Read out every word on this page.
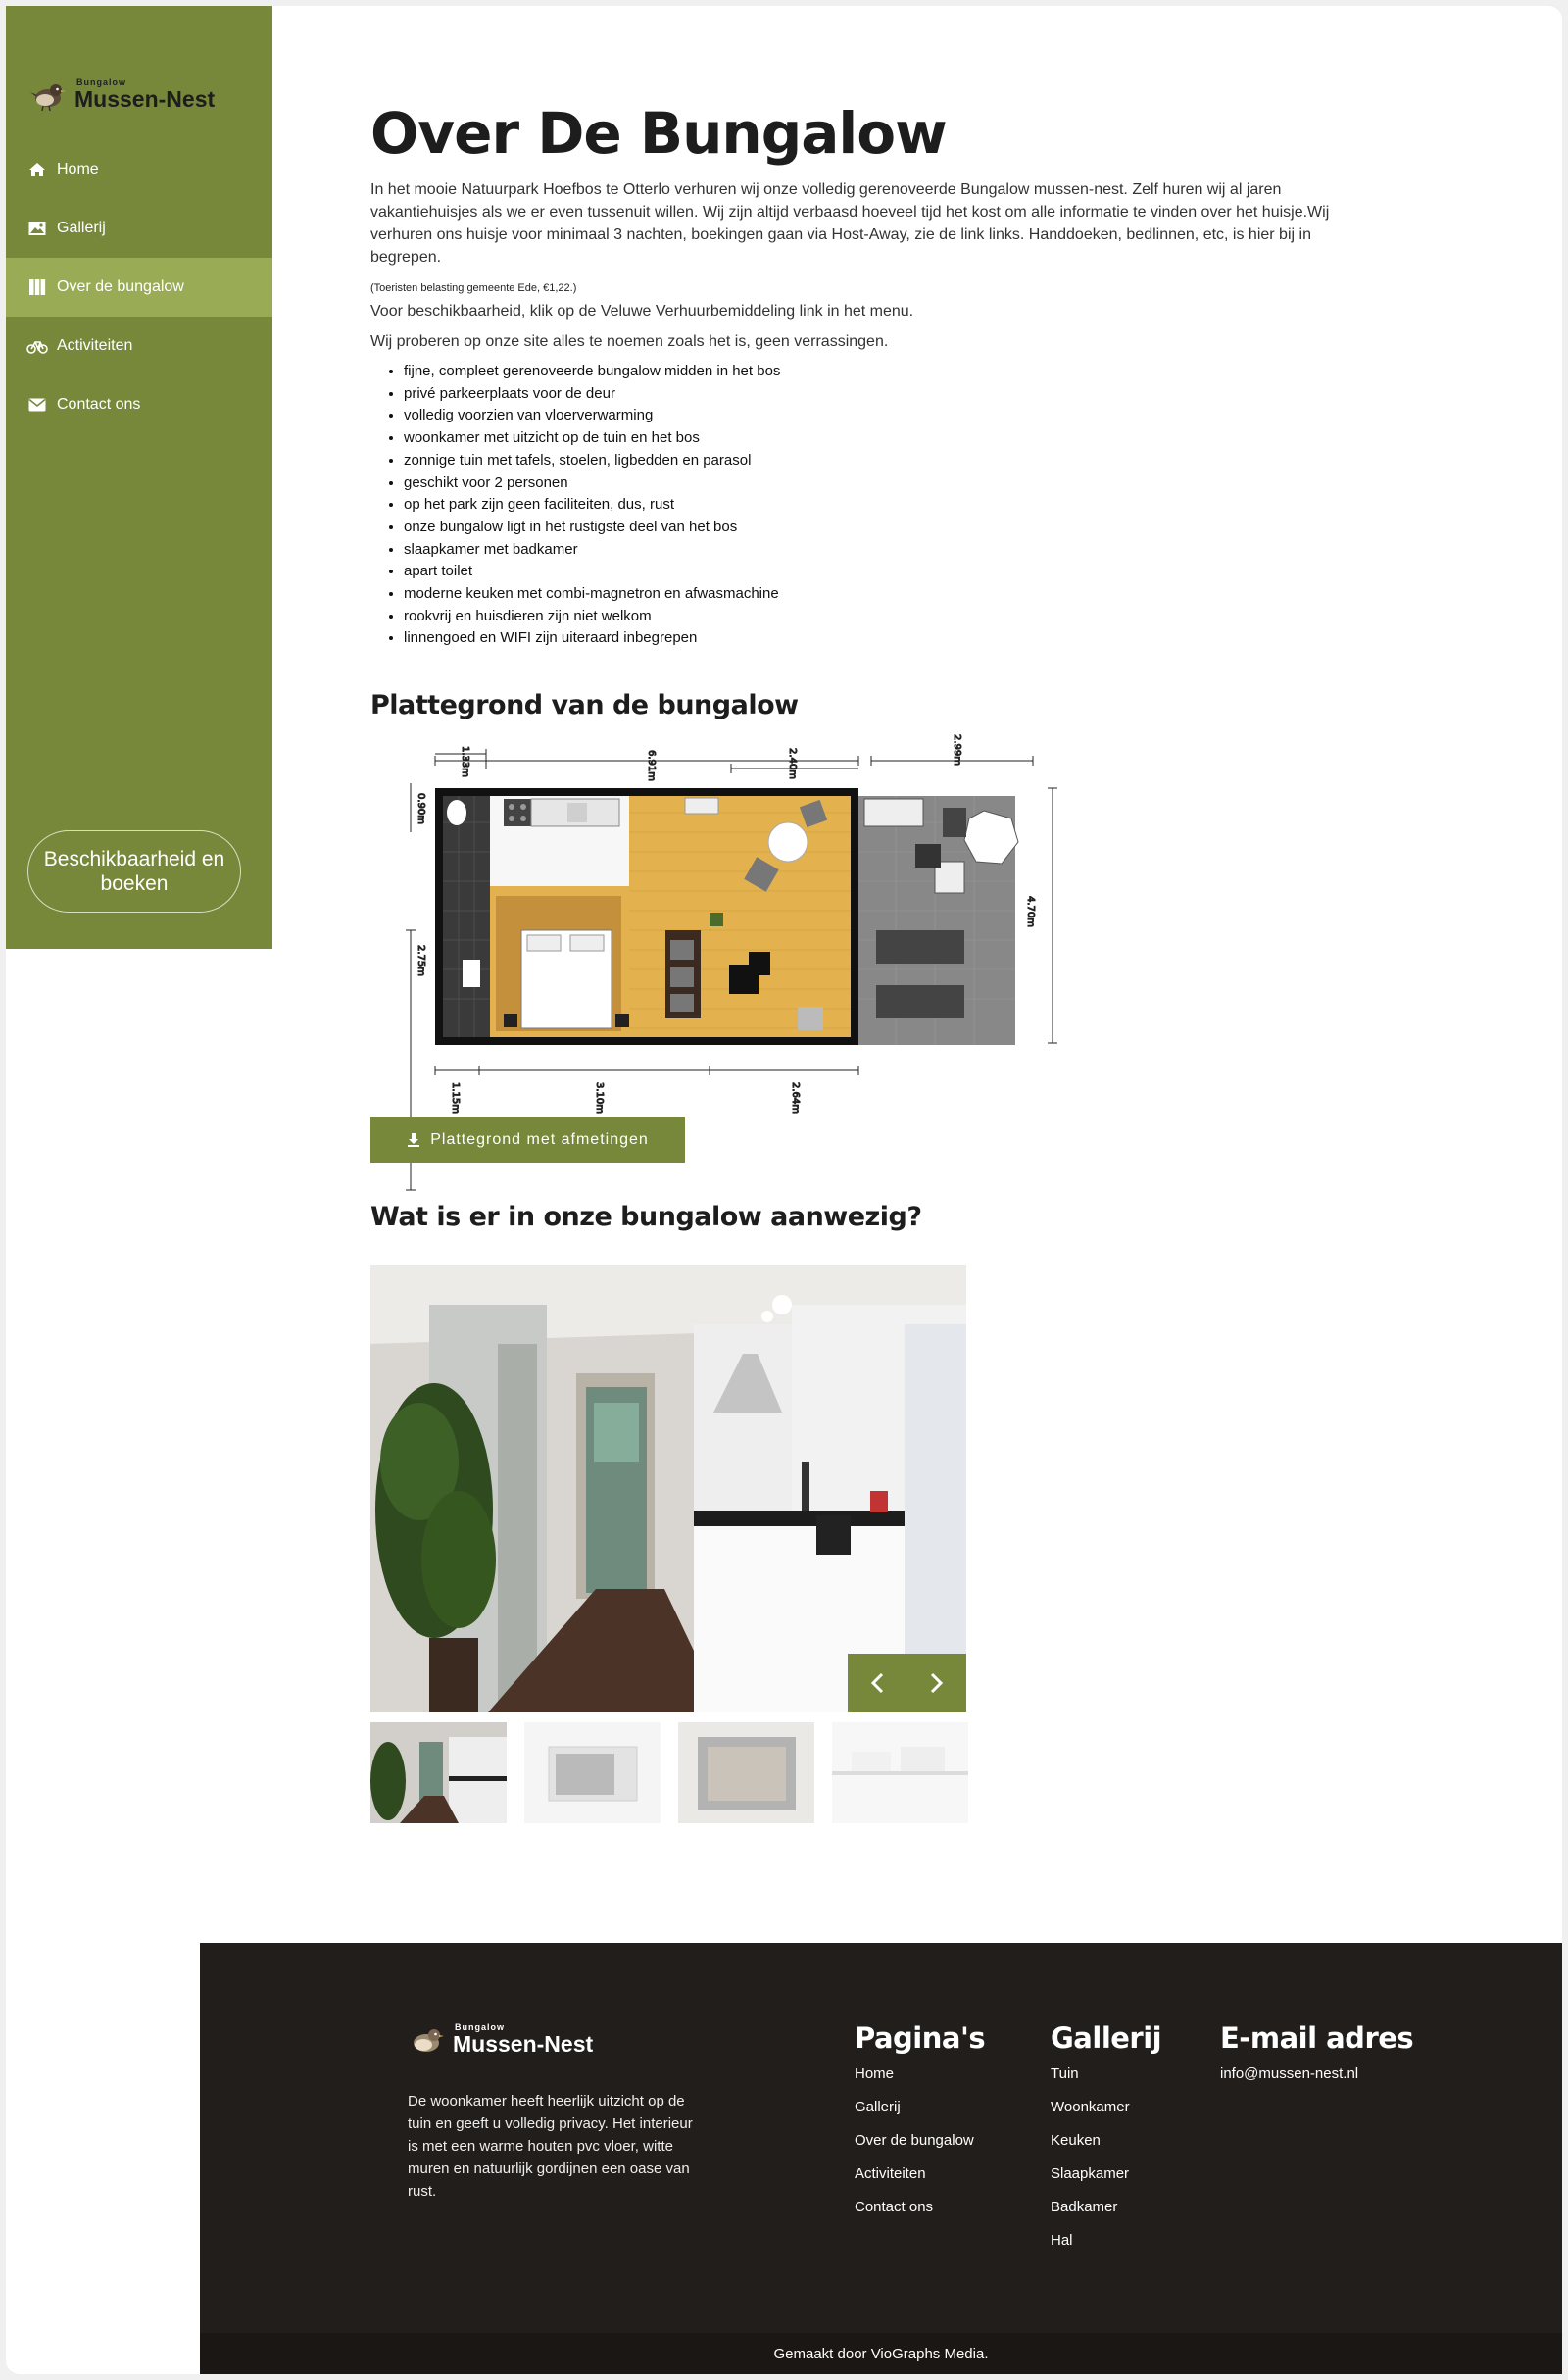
Bungalow
Mussen-Nest
Home
Gallerij
Over de bungalow
Activiteiten
Contact ons
Beschikbaarheid en boeken
Over De Bungalow

In het mooie Natuurpark Hoefbos te Otterlo verhuren wij onze volledig gerenoveerde Bungalow mussen-nest. Zelf huren wij al jaren vakantiehuisjes als we er even tussenuit willen. Wij zijn altijd verbaasd hoeveel tijd het kost om alle informatie te vinden over het huisje.Wij verhuren ons huisje voor minimaal 3 nachten, boekingen gaan via Host-Away, zie de link links. Handdoeken, bedlinnen, etc, is hier bij in begrepen.

(Toeristen belasting gemeente Ede, €1,22.)

Voor beschikbaarheid, klik op de Veluwe Verhuurbemiddeling link in het menu.

Wij proberen op onze site alles te noemen zoals het is, geen verrassingen.

• fijne, compleet gerenoveerde bungalow midden in het bos
• privé parkeerplaats voor de deur
• volledig voorzien van vloerverwarming
• woonkamer met uitzicht op de tuin en het bos
• zonnige tuin met tafels, stoelen, ligbedden en parasol
• geschikt voor 2 personen
• op het park zijn geen faciliteiten, dus, rust
• onze bungalow ligt in het rustigste deel van het bos
• slaapkamer met badkamer
• apart toilet
• moderne keuken met combi-magnetron en afwasmachine
• rookvrij en huisdieren zijn niet welkom
• linnengoed en WIFI zijn uiteraard inbegrepen
Plattegrond van de bungalow
6.91m
1.33m	2.40m	2.99m
0.90m
2.75m
4.70m
1.15m	3.10m	2.64m
Plattegrond met afmetingen
Wat is er in onze bungalow aanwezig?
Bungalow
Mussen-Nest

De woonkamer heeft heerlijk uitzicht op de tuin en geeft u volledig privacy. Het interieur is met een warme houten pvc vloer, witte muren en natuurlijk gordijnen een oase van rust.

Pagina's
Home
Gallerij
Over de bungalow
Activiteiten
Contact ons
Gallerij
Tuin
Woonkamer
Keuken
Slaapkamer
Badkamer
Hal
E-mail adres
info@mussen-nest.nl
Gemaakt door VioGraphs Media.
